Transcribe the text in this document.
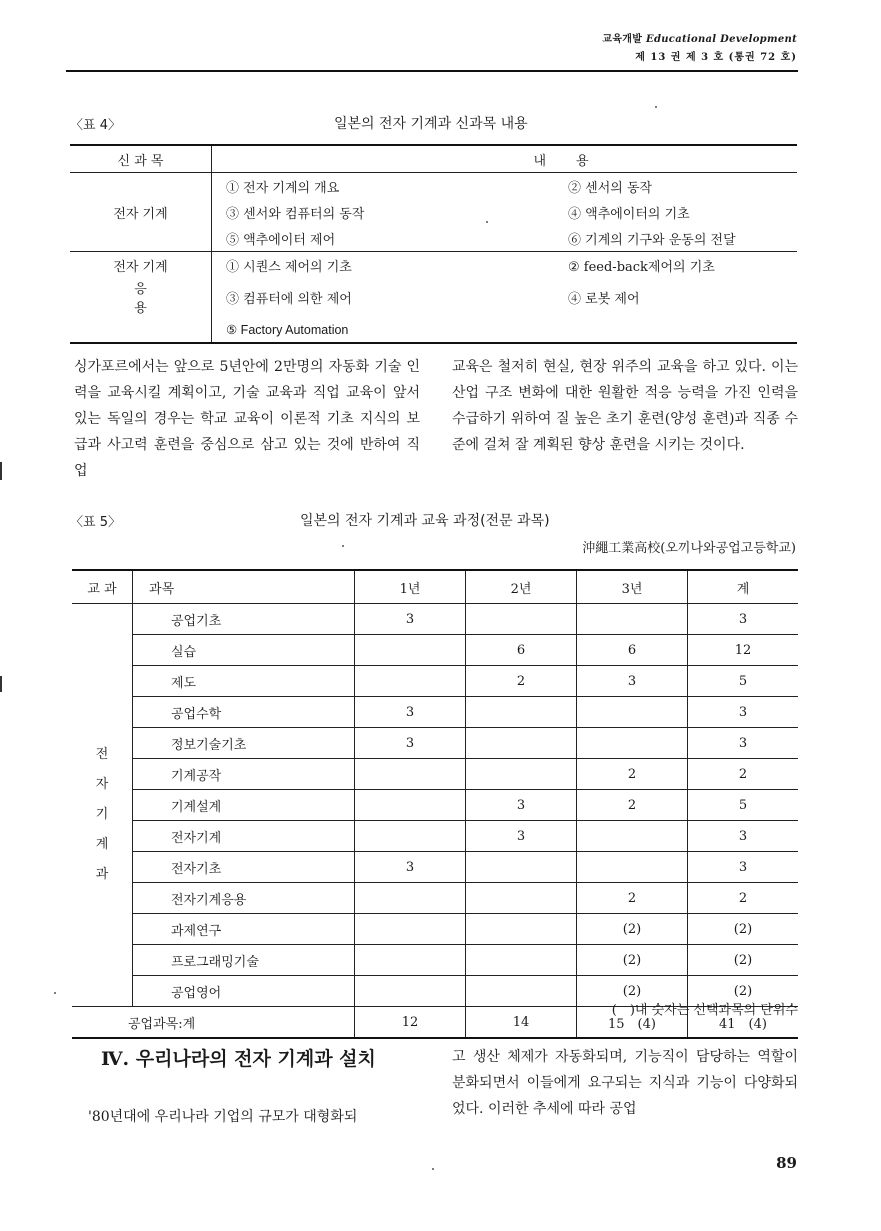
교육개발 Educational Development
제 13 권 제 3 호 (통권 72 호)
〈표 4〉	일본의 전자 기계과 신과목 내용
신 과 목	내	용
전자 기계	① 전자 기계의 개요	② 센서의 동작
	③ 센서와 컴퓨터의 동작	④ 액추에이터의 기초
	⑤ 액추에이터 제어	⑥ 기계의 기구와 운동의 전달
전자 기계	① 시퀀스 제어의 기초	② feed-back제어의 기초
응 용	③ 컴퓨터에 의한 제어	④ 로봇 제어
	⑤ Factory Automation	
싱가포르에서는 앞으로 5년안에 2만명의 자동화 기술 인력을 교육시킬 계획이고, 기술 교육과 직업 교육이 앞서 있는 독일의 경우는 학교 교육이 이론적 기초 지식의 보급과 사고력 훈련을 중심으로 삼고 있는 것에 반하여 직업
교육은 철저히 현실, 현장 위주의 교육을 하고 있다. 이는 산업 구조 변화에 대한 원활한 적응 능력을 가진 인력을 수급하기 위하여 질 높은 초기 훈련(양성 훈련)과 직종 수준에 걸쳐 잘 계획된 향상 훈련을 시키는 것이다.
〈표 5〉	일본의 전자 기계과 교육 과정(전문 과목)
沖繩工業高校(오끼나와공업고등학교)
교 과	과목	1년	2년	3년	계

전
자
기
계
과	공업기초	3			3
	실습		6	6	12
	제도		2	3	5
	공업수학	3			3
	정보기술기초	3			3
	기계공작			2	2
	기계설계		3	2	5
	전자기계		3		3
	전자기초	3			3
	전자기계응용			2	2
	과제연구			(2)	(2)
	프로그래밍기술			(2)	(2)
	공업영어			(2)	(2)
공업과목:계		12	14	15　(4)	41　(4)
(　)내 숫자는 선택과목의 단위수
Ⅳ. 우리나라의 전자 기계과 설치
'80년대에 우리나라 기업의 규모가 대형화되
고 생산 체제가 자동화되며, 기능직이 담당하는 역할이 분화되면서 이들에게 요구되는 지식과 기능이 다양화되었다. 이러한 추세에 따라 공업
89
